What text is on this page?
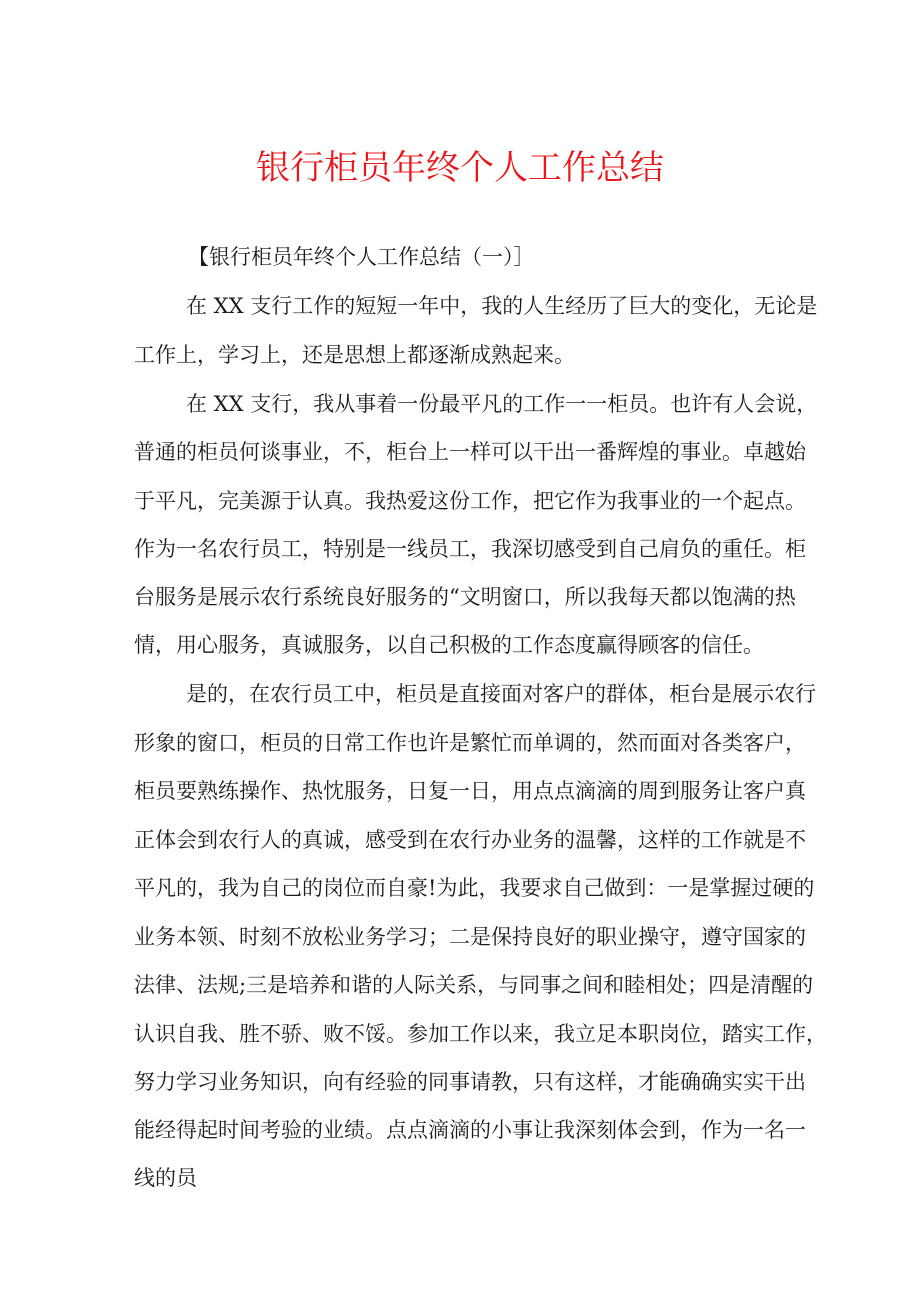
银行柜员年终个人工作总结
【银行柜员年终个人工作总结（一）］
在 XX 支行工作的短短一年中，我的人生经历了巨大的变化，无论是
工作上，学习上，还是思想上都逐渐成熟起来。
在 XX 支行，我从事着一份最平凡的工作一一柜员。也许有人会说，
普通的柜员何谈事业，不，柜台上一样可以干出一番辉煌的事业。卓越始
于平凡，完美源于认真。我热爱这份工作，把它作为我事业的一个起点。
作为一名农行员工，特别是一线员工，我深切感受到自己肩负的重任。柜
台服务是展示农行系统良好服务的“文明窗口，所以我每天都以饱满的热
情，用心服务，真诚服务，以自己积极的工作态度赢得顾客的信任。
是的，在农行员工中，柜员是直接面对客户的群体，柜台是展示农行
形象的窗口，柜员的日常工作也许是繁忙而单调的，然而面对各类客户，
柜员要熟练操作、热忱服务，日复一日，用点点滴滴的周到服务让客户真
正体会到农行人的真诚，感受到在农行办业务的温馨，这样的工作就是不
平凡的，我为自己的岗位而自豪!为此，我要求自己做到：一是掌握过硬的
业务本领、时刻不放松业务学习；二是保持良好的职业操守，遵守国家的
法律、法规;三是培养和谐的人际关系，与同事之间和睦相处；四是清醒的
认识自我、胜不骄、败不馁。参加工作以来，我立足本职岗位，踏实工作，
努力学习业务知识，向有经验的同事请教，只有这样，才能确确实实干出
能经得起时间考验的业绩。点点滴滴的小事让我深刻体会到，作为一名一
线的员
